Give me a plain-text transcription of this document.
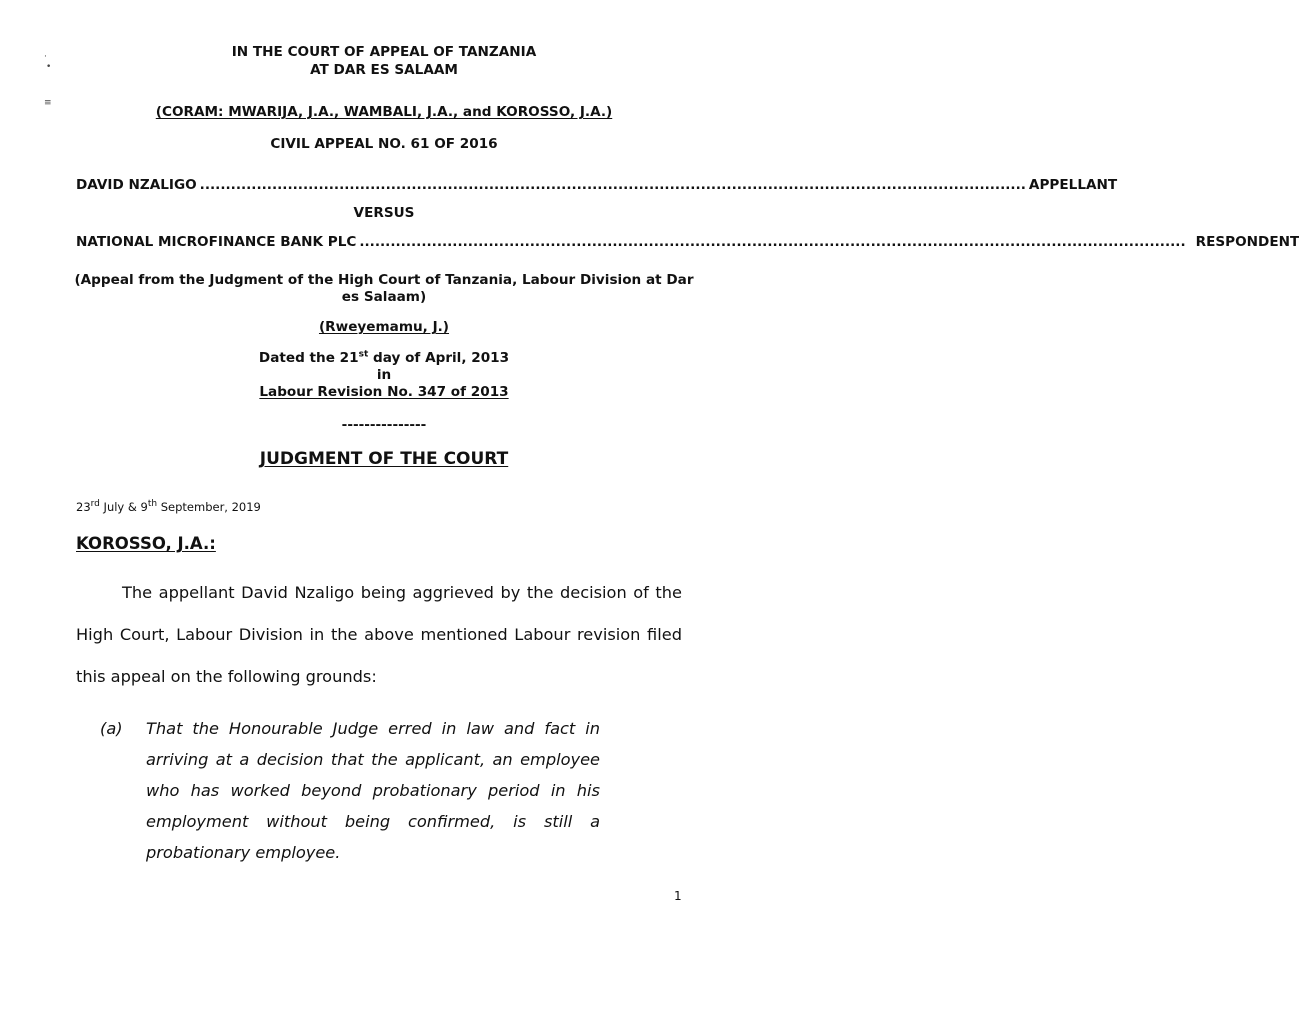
·
•
≡
IN THE COURT OF APPEAL OF TANZANIA
AT DAR ES SALAAM
(CORAM: MWARIJA, J.A., WAMBALI, J.A., and KOROSSO, J.A.)
CIVIL APPEAL NO. 61 OF 2016
DAVID NZALIGO ................................................................................................................................................................ APPELLANT
VERSUS
NATIONAL MICROFINANCE BANK PLC ................................................................................................................................................................ RESPONDENT
(Appeal from the Judgment of the High Court of Tanzania, Labour Division at Dar es Salaam)
(Rweyemamu, J.)
Dated the 21st day of April, 2013
in
Labour Revision No. 347 of 2013
---------------
JUDGMENT OF THE COURT
23rd July & 9th September, 2019
KOROSSO, J.A.:

The appellant David Nzaligo being aggrieved by the decision of the High Court, Labour Division in the above mentioned Labour revision filed this appeal on the following grounds:

(a)	That the Honourable Judge erred in law and fact in arriving at a decision that the applicant, an employee who has worked beyond probationary period in his employment without being confirmed, is still a probationary employee.
1
